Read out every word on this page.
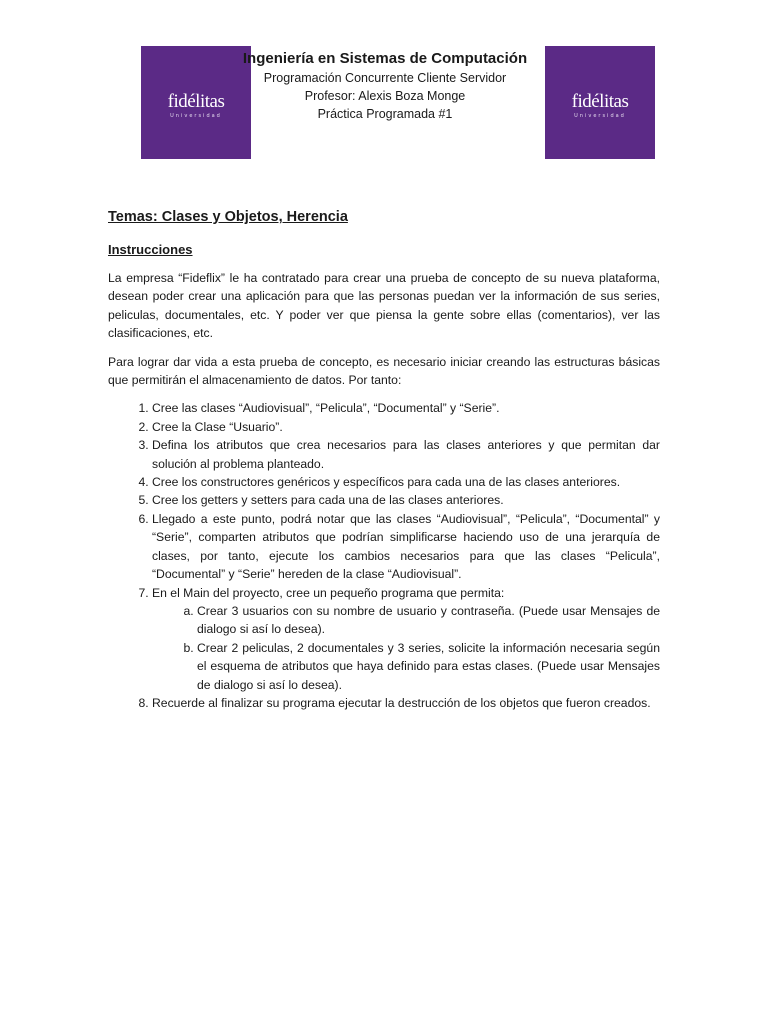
fidélitas
Universidad
Ingeniería en Sistemas de Computación
Programación Concurrente Cliente Servidor
Profesor: Alexis Boza Monge
Práctica Programada #1
fidélitas
Universidad
Temas: Clases y Objetos, Herencia
Instrucciones

La empresa “Fideflix” le ha contratado para crear una prueba de concepto de su nueva plataforma, desean poder crear una aplicación para que las personas puedan ver la información de sus series, peliculas, documentales, etc. Y poder ver que piensa la gente sobre ellas (comentarios), ver las clasificaciones, etc.

Para lograr dar vida a esta prueba de concepto, es necesario iniciar creando las estructuras básicas que permitirán el almacenamiento de datos. Por tanto:

1. Cree las clases “Audiovisual”, “Pelicula”, “Documental” y “Serie”.
2. Cree la Clase “Usuario”.
3. Defina los atributos que crea necesarios para las clases anteriores y que permitan dar solución al problema planteado.
4. Cree los constructores genéricos y específicos para cada una de las clases anteriores.
5. Cree los getters y setters para cada una de las clases anteriores.
6. Llegado a este punto, podrá notar que las clases “Audiovisual”, “Pelicula”, “Documental” y “Serie”, comparten atributos que podrían simplificarse haciendo uso de una jerarquía de clases, por tanto, ejecute los cambios necesarios para que las clases “Pelicula”, “Documental” y “Serie” hereden de la clase “Audiovisual”.
7. En el Main del proyecto, cree un pequeño programa que permita:
a. Crear 3 usuarios con su nombre de usuario y contraseña. (Puede usar Mensajes de dialogo si así lo desea).
b. Crear 2 peliculas, 2 documentales y 3 series, solicite la información necesaria según el esquema de atributos que haya definido para estas clases. (Puede usar Mensajes de dialogo si así lo desea).
8. Recuerde al finalizar su programa ejecutar la destrucción de los objetos que fueron creados.
